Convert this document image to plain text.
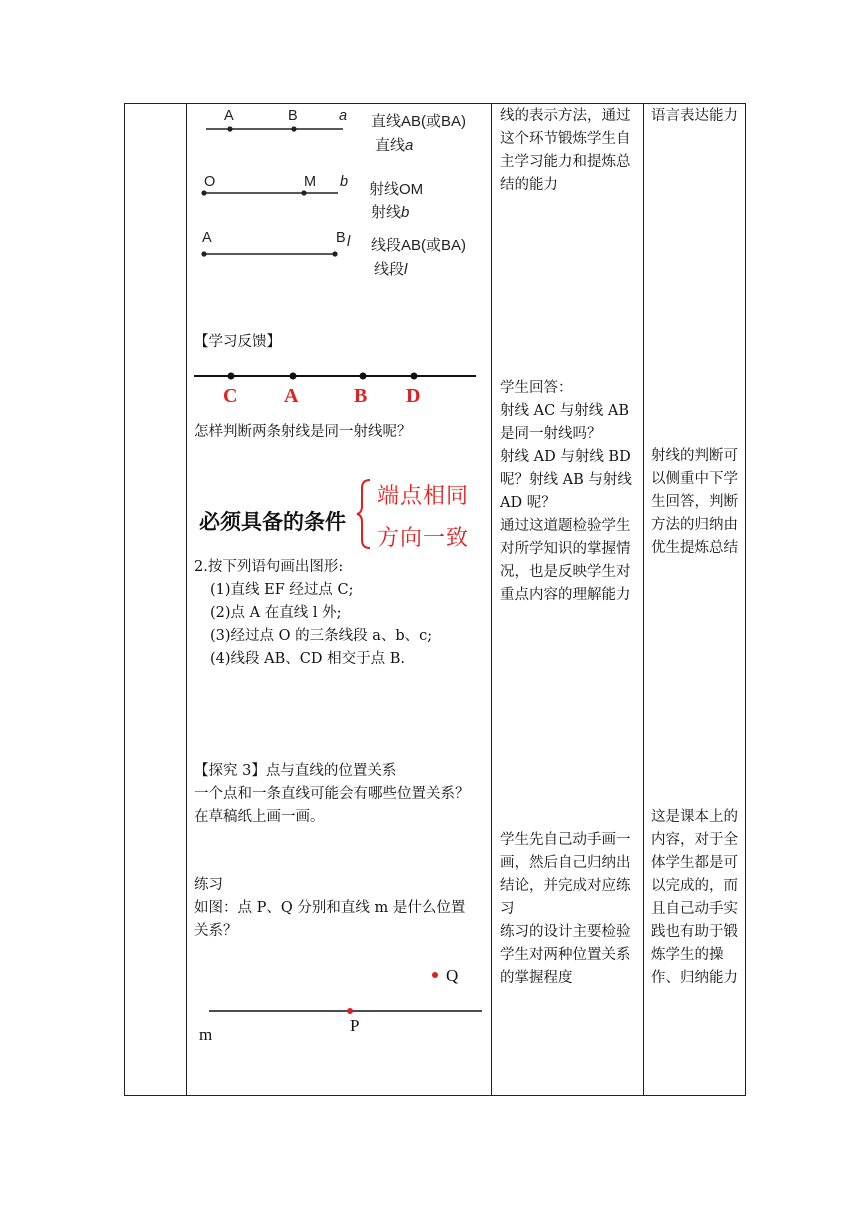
A	B	a 直线AB(或BA)
直线a
O	M b 射线OM
射线b
A	B l 线段AB(或BA)
线段l
【学习反馈】
C A	B D
怎样判断两条射线是同一射线呢？
必须具备的条件
端点相同
方向一致
2.按下列语句画出图形:
(1)直线 EF 经过点 C;
(2)点 A 在直线 l 外;
(3)经过点 O 的三条线段 a、b、c;
(4)线段 AB、CD 相交于点 B.
【探究 3】点与直线的位置关系
一个点和一条直线可能会有哪些位置关系？在草稿纸上画一画。
练习
如图：点 P、Q 分别和直线 m 是什么位置关系？
Q
P
m

线的表示方法，通过这个环节锻炼学生自主学习能力和提炼总结的能力
学生回答：
射线 AC 与射线 AB 是同一射线吗？
射线 AD 与射线 BD 呢？射线 AB 与射线 AD 呢？
通过这道题检验学生对所学知识的掌握情况，也是反映学生对重点内容的理解能力
学生先自己动手画一画，然后自己归纳出结论，并完成对应练习
练习的设计主要检验学生对两种位置关系的掌握程度

语言表达能力
射线的判断可以侧重中下学生回答，判断方法的归纳由优生提炼总结
这是课本上的内容，对于全体学生都是可以完成的，而且自己动手实践也有助于锻炼学生的操作、归纳能力
